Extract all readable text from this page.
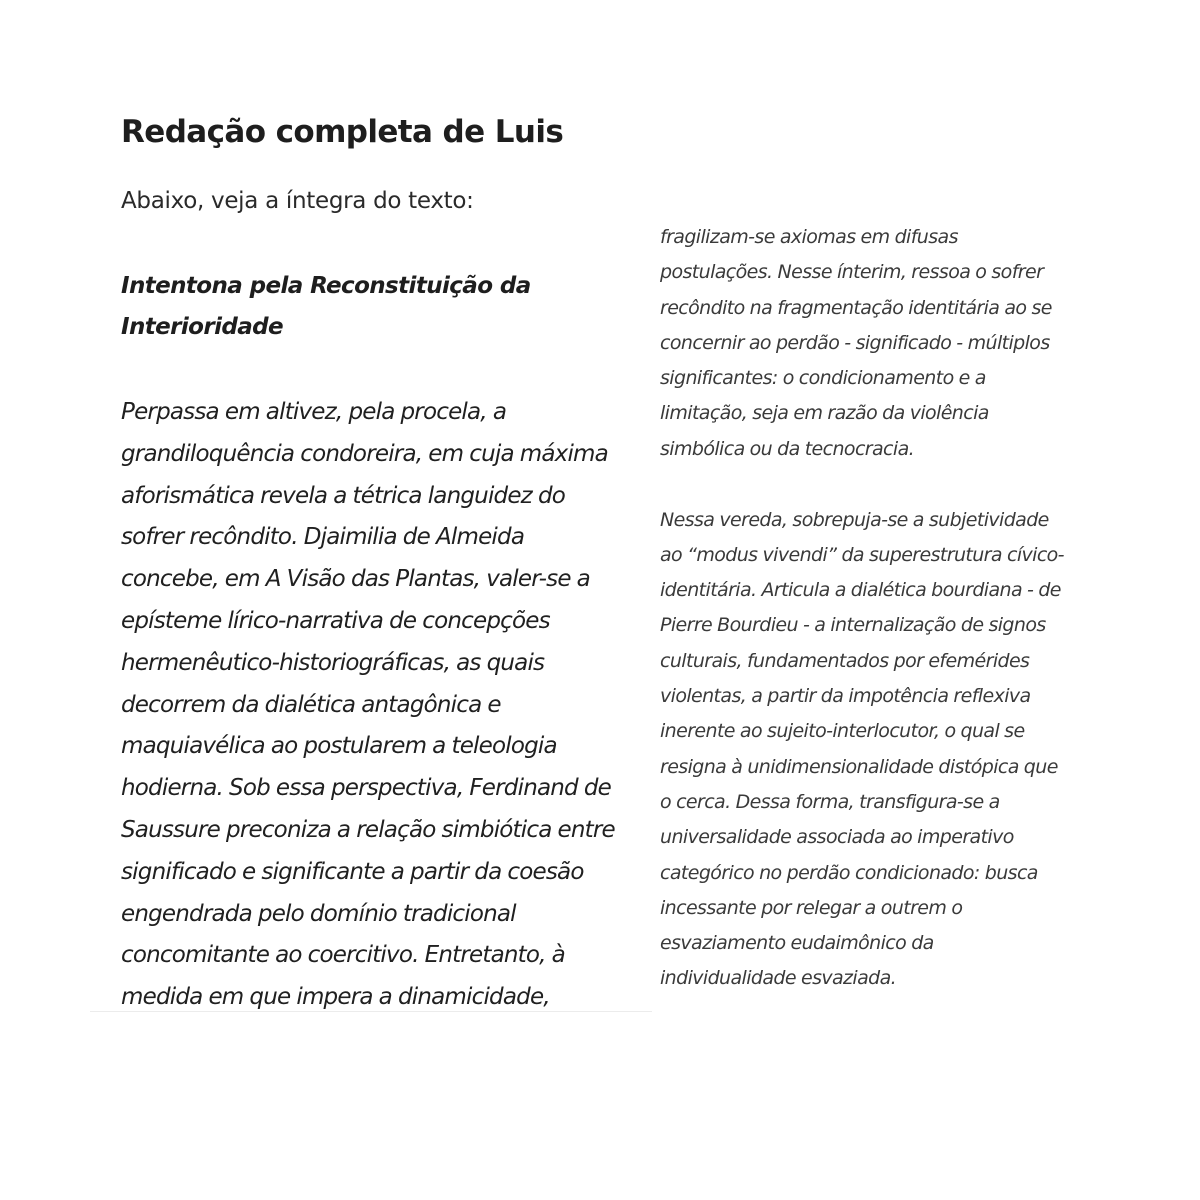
Redação completa de Luis

Abaixo, veja a íntegra do texto:

Intentona pela Reconstituição da
Interioridade

Perpassa em altivez, pela procela, a
grandiloquência condoreira, em cuja máxima
aforismática revela a tétrica languidez do
sofrer recôndito. Djaimilia de Almeida
concebe, em A Visão das Plantas, valer-se a
epísteme lírico-narrativa de concepções
hermenêutico-historiográficas, as quais
decorrem da dialética antagônica e
maquiavélica ao postularem a teleologia
hodierna. Sob essa perspectiva, Ferdinand de
Saussure preconiza a relação simbiótica entre
significado e significante a partir da coesão
engendrada pelo domínio tradicional
concomitante ao coercitivo. Entretanto, à
medida em que impera a dinamicidade,

fragilizam-se axiomas em difusas
postulações. Nesse ínterim, ressoa o sofrer
recôndito na fragmentação identitária ao se
concernir ao perdão - significado - múltiplos
significantes: o condicionamento e a
limitação, seja em razão da violência
simbólica ou da tecnocracia.

Nessa vereda, sobrepuja-se a subjetividade
ao “modus vivendi” da superestrutura cívico-
identitária. Articula a dialética bourdiana - de
Pierre Bourdieu - a internalização de signos
culturais, fundamentados por efemérides
violentas, a partir da impotência reflexiva
inerente ao sujeito-interlocutor, o qual se
resigna à unidimensionalidade distópica que
o cerca. Dessa forma, transfigura-se a
universalidade associada ao imperativo
categórico no perdão condicionado: busca
incessante por relegar a outrem o
esvaziamento eudaimônico da
individualidade esvaziada.
